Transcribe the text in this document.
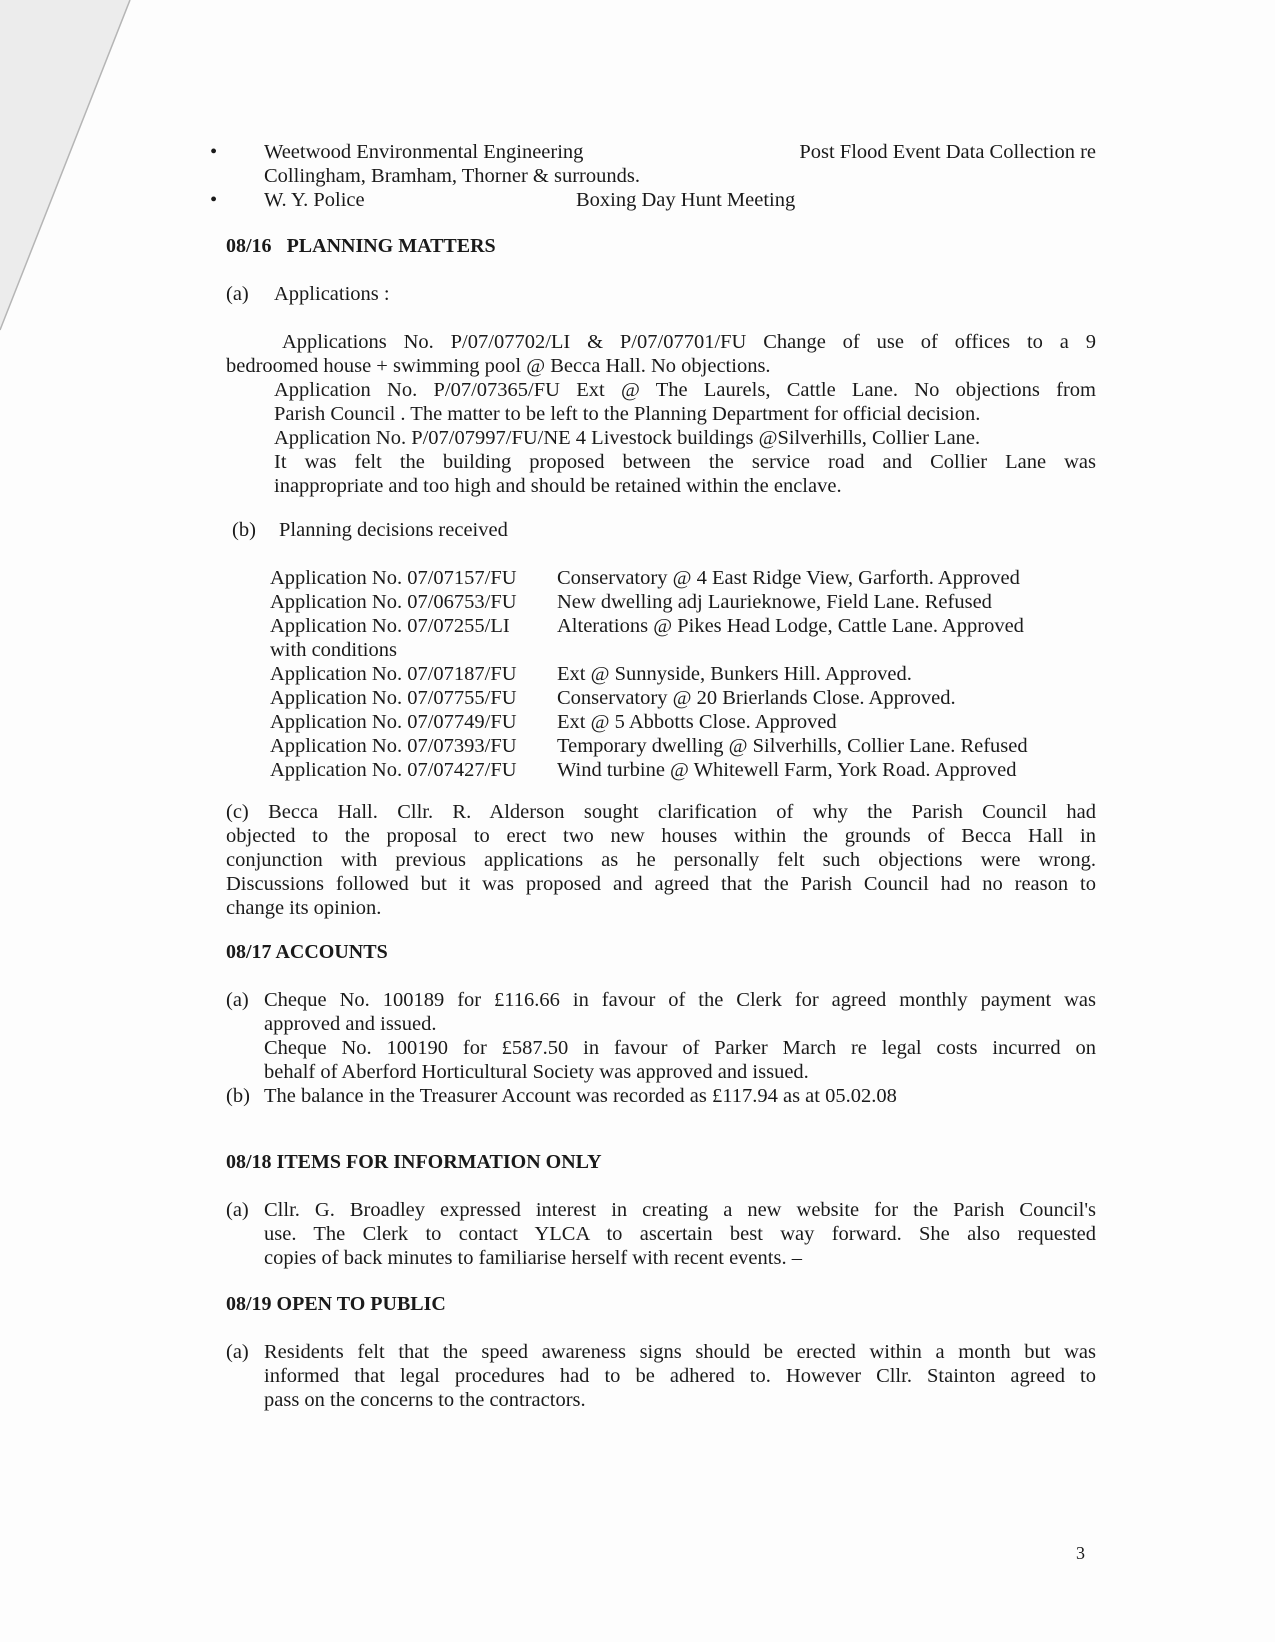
• Weetwood Environmental Engineering	Post Flood Event Data Collection re
Collingham, Bramham, Thorner & surrounds.
• W. Y. Police	Boxing Day Hunt Meeting
08/16 PLANNING MATTERS
(a) Applications :
Applications No. P/07/07702/LI & P/07/07701/FU Change of use of offices to a 9
bedroomed house + swimming pool @ Becca Hall. No objections.
Application No. P/07/07365/FU Ext @ The Laurels, Cattle Lane. No objections from
Parish Council . The matter to be left to the Planning Department for official decision.
Application No. P/07/07997/FU/NE 4 Livestock buildings @Silverhills, Collier Lane.
It was felt the building proposed between the service road and Collier Lane was
inappropriate and too high and should be retained within the enclave.
(b) Planning decisions received
Application No. 07/07157/FU Conservatory @ 4 East Ridge View, Garforth. Approved
Application No. 07/06753/FU New dwelling adj Laurieknowe, Field Lane. Refused
Application No. 07/07255/LI Alterations @ Pikes Head Lodge, Cattle Lane. Approved
with conditions
Application No. 07/07187/FU Ext @ Sunnyside, Bunkers Hill. Approved.
Application No. 07/07755/FU Conservatory @ 20 Brierlands Close. Approved.
Application No. 07/07749/FU Ext @ 5 Abbotts Close. Approved
Application No. 07/07393/FU Temporary dwelling @ Silverhills, Collier Lane. Refused
Application No. 07/07427/FU Wind turbine @ Whitewell Farm, York Road. Approved
(c) Becca Hall. Cllr. R. Alderson sought clarification of why the Parish Council had
objected to the proposal to erect two new houses within the grounds of Becca Hall in
conjunction with previous applications as he personally felt such objections were wrong.
Discussions followed but it was proposed and agreed that the Parish Council had no reason to
change its opinion.
08/17 ACCOUNTS
(a) Cheque No. 100189 for £116.66 in favour of the Clerk for agreed monthly payment was
approved and issued.
Cheque No. 100190 for £587.50 in favour of Parker March re legal costs incurred on
behalf of Aberford Horticultural Society was approved and issued.
(b) The balance in the Treasurer Account was recorded as £117.94 as at 05.02.08
08/18 ITEMS FOR INFORMATION ONLY
(a) Cllr. G. Broadley expressed interest in creating a new website for the Parish Council's
use. The Clerk to contact YLCA to ascertain best way forward. She also requested
copies of back minutes to familiarise herself with recent events. –
08/19 OPEN TO PUBLIC
(a) Residents felt that the speed awareness signs should be erected within a month but was
informed that legal procedures had to be adhered to. However Cllr. Stainton agreed to
pass on the concerns to the contractors.
3
